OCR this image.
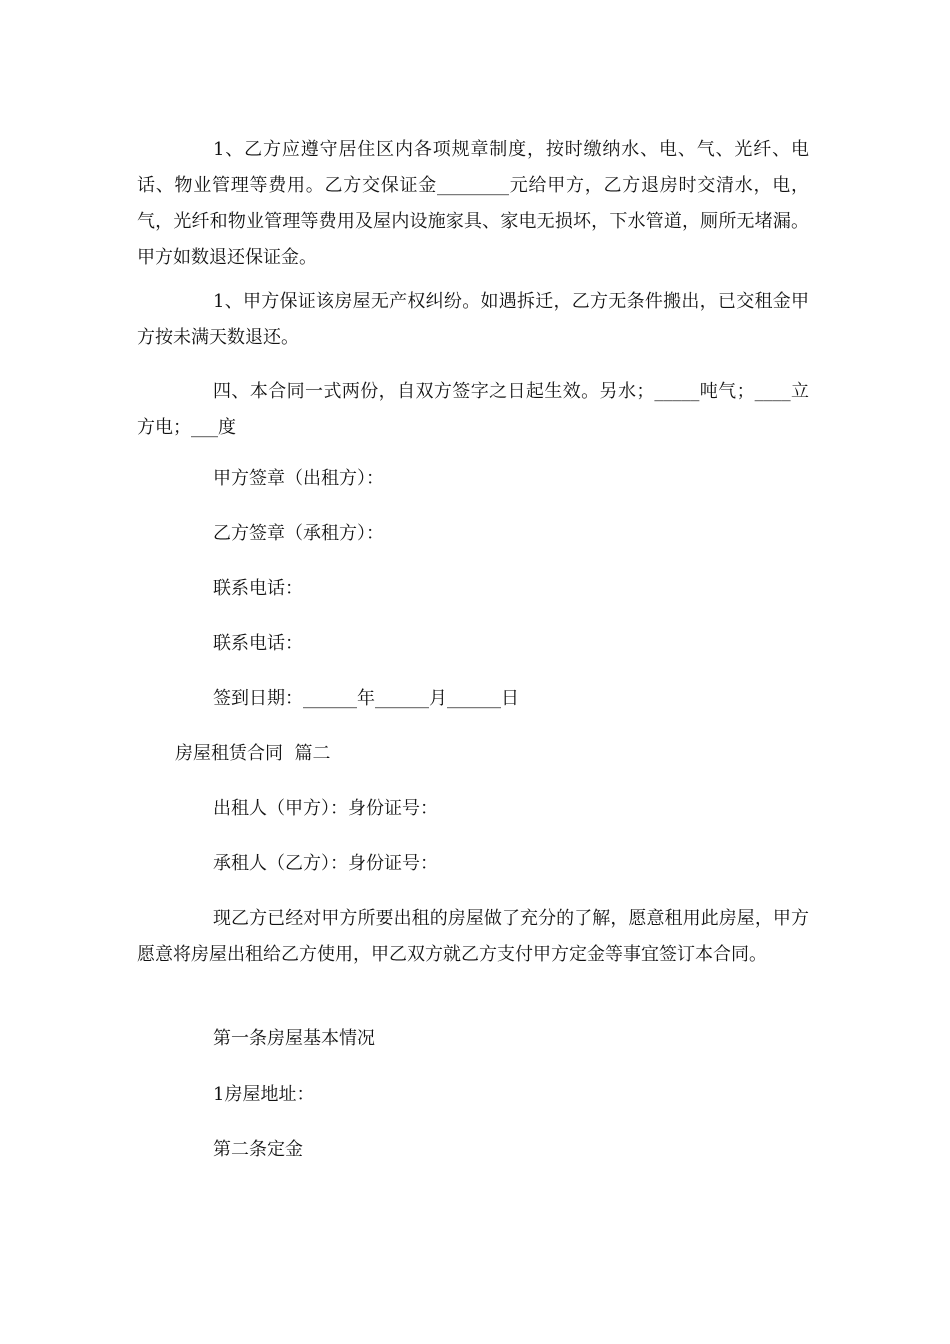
1、乙方应遵守居住区内各项规章制度，按时缴纳水、电、气、光纤、电话、物业管理等费用。乙方交保证金________元给甲方，乙方退房时交清水，电，气，光纤和物业管理等费用及屋内设施家具、家电无损坏，下水管道，厕所无堵漏。甲方如数退还保证金。

1、甲方保证该房屋无产权纠纷。如遇拆迁，乙方无条件搬出，已交租金甲方按未满天数退还。

四、本合同一式两份，自双方签字之日起生效。另水；_____吨气；____立方电；___度

甲方签章（出租方）：

乙方签章（承租方）：

联系电话：

联系电话：

签到日期：______年______月______日

房屋租赁合同  篇二

出租人（甲方）：身份证号：

承租人（乙方）：身份证号：

现乙方已经对甲方所要出租的房屋做了充分的了解，愿意租用此房屋，甲方愿意将房屋出租给乙方使用，甲乙双方就乙方支付甲方定金等事宜签订本合同。

第一条房屋基本情况

1房屋地址：

第二条定金
